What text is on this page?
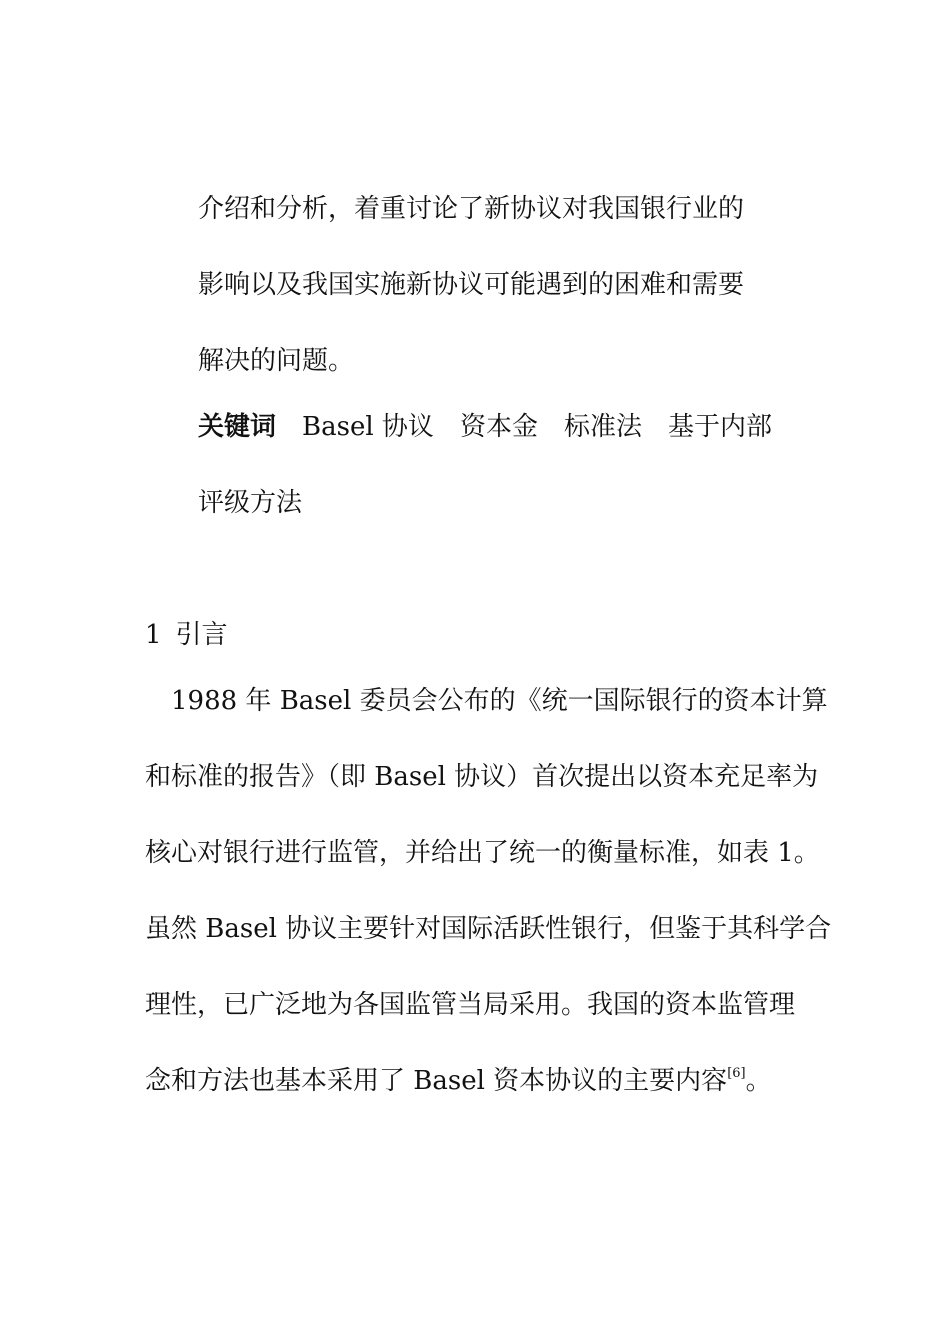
介绍和分析，着重讨论了新协议对我国银行业的
影响以及我国实施新协议可能遇到的困难和需要
解决的问题。
关键词 Basel 协议 资本金 标准法 基于内部
评级方法
1 引言
　1988 年 Basel 委员会公布的《统一国际银行的资本计算
和标准的报告》（即 Basel 协议）首次提出以资本充足率为
核心对银行进行监管，并给出了统一的衡量标准，如表 1。
虽然 Basel 协议主要针对国际活跃性银行，但鉴于其科学合
理性，已广泛地为各国监管当局采用。我国的资本监管理
念和方法也基本采用了 Basel 资本协议的主要内容[6]。
